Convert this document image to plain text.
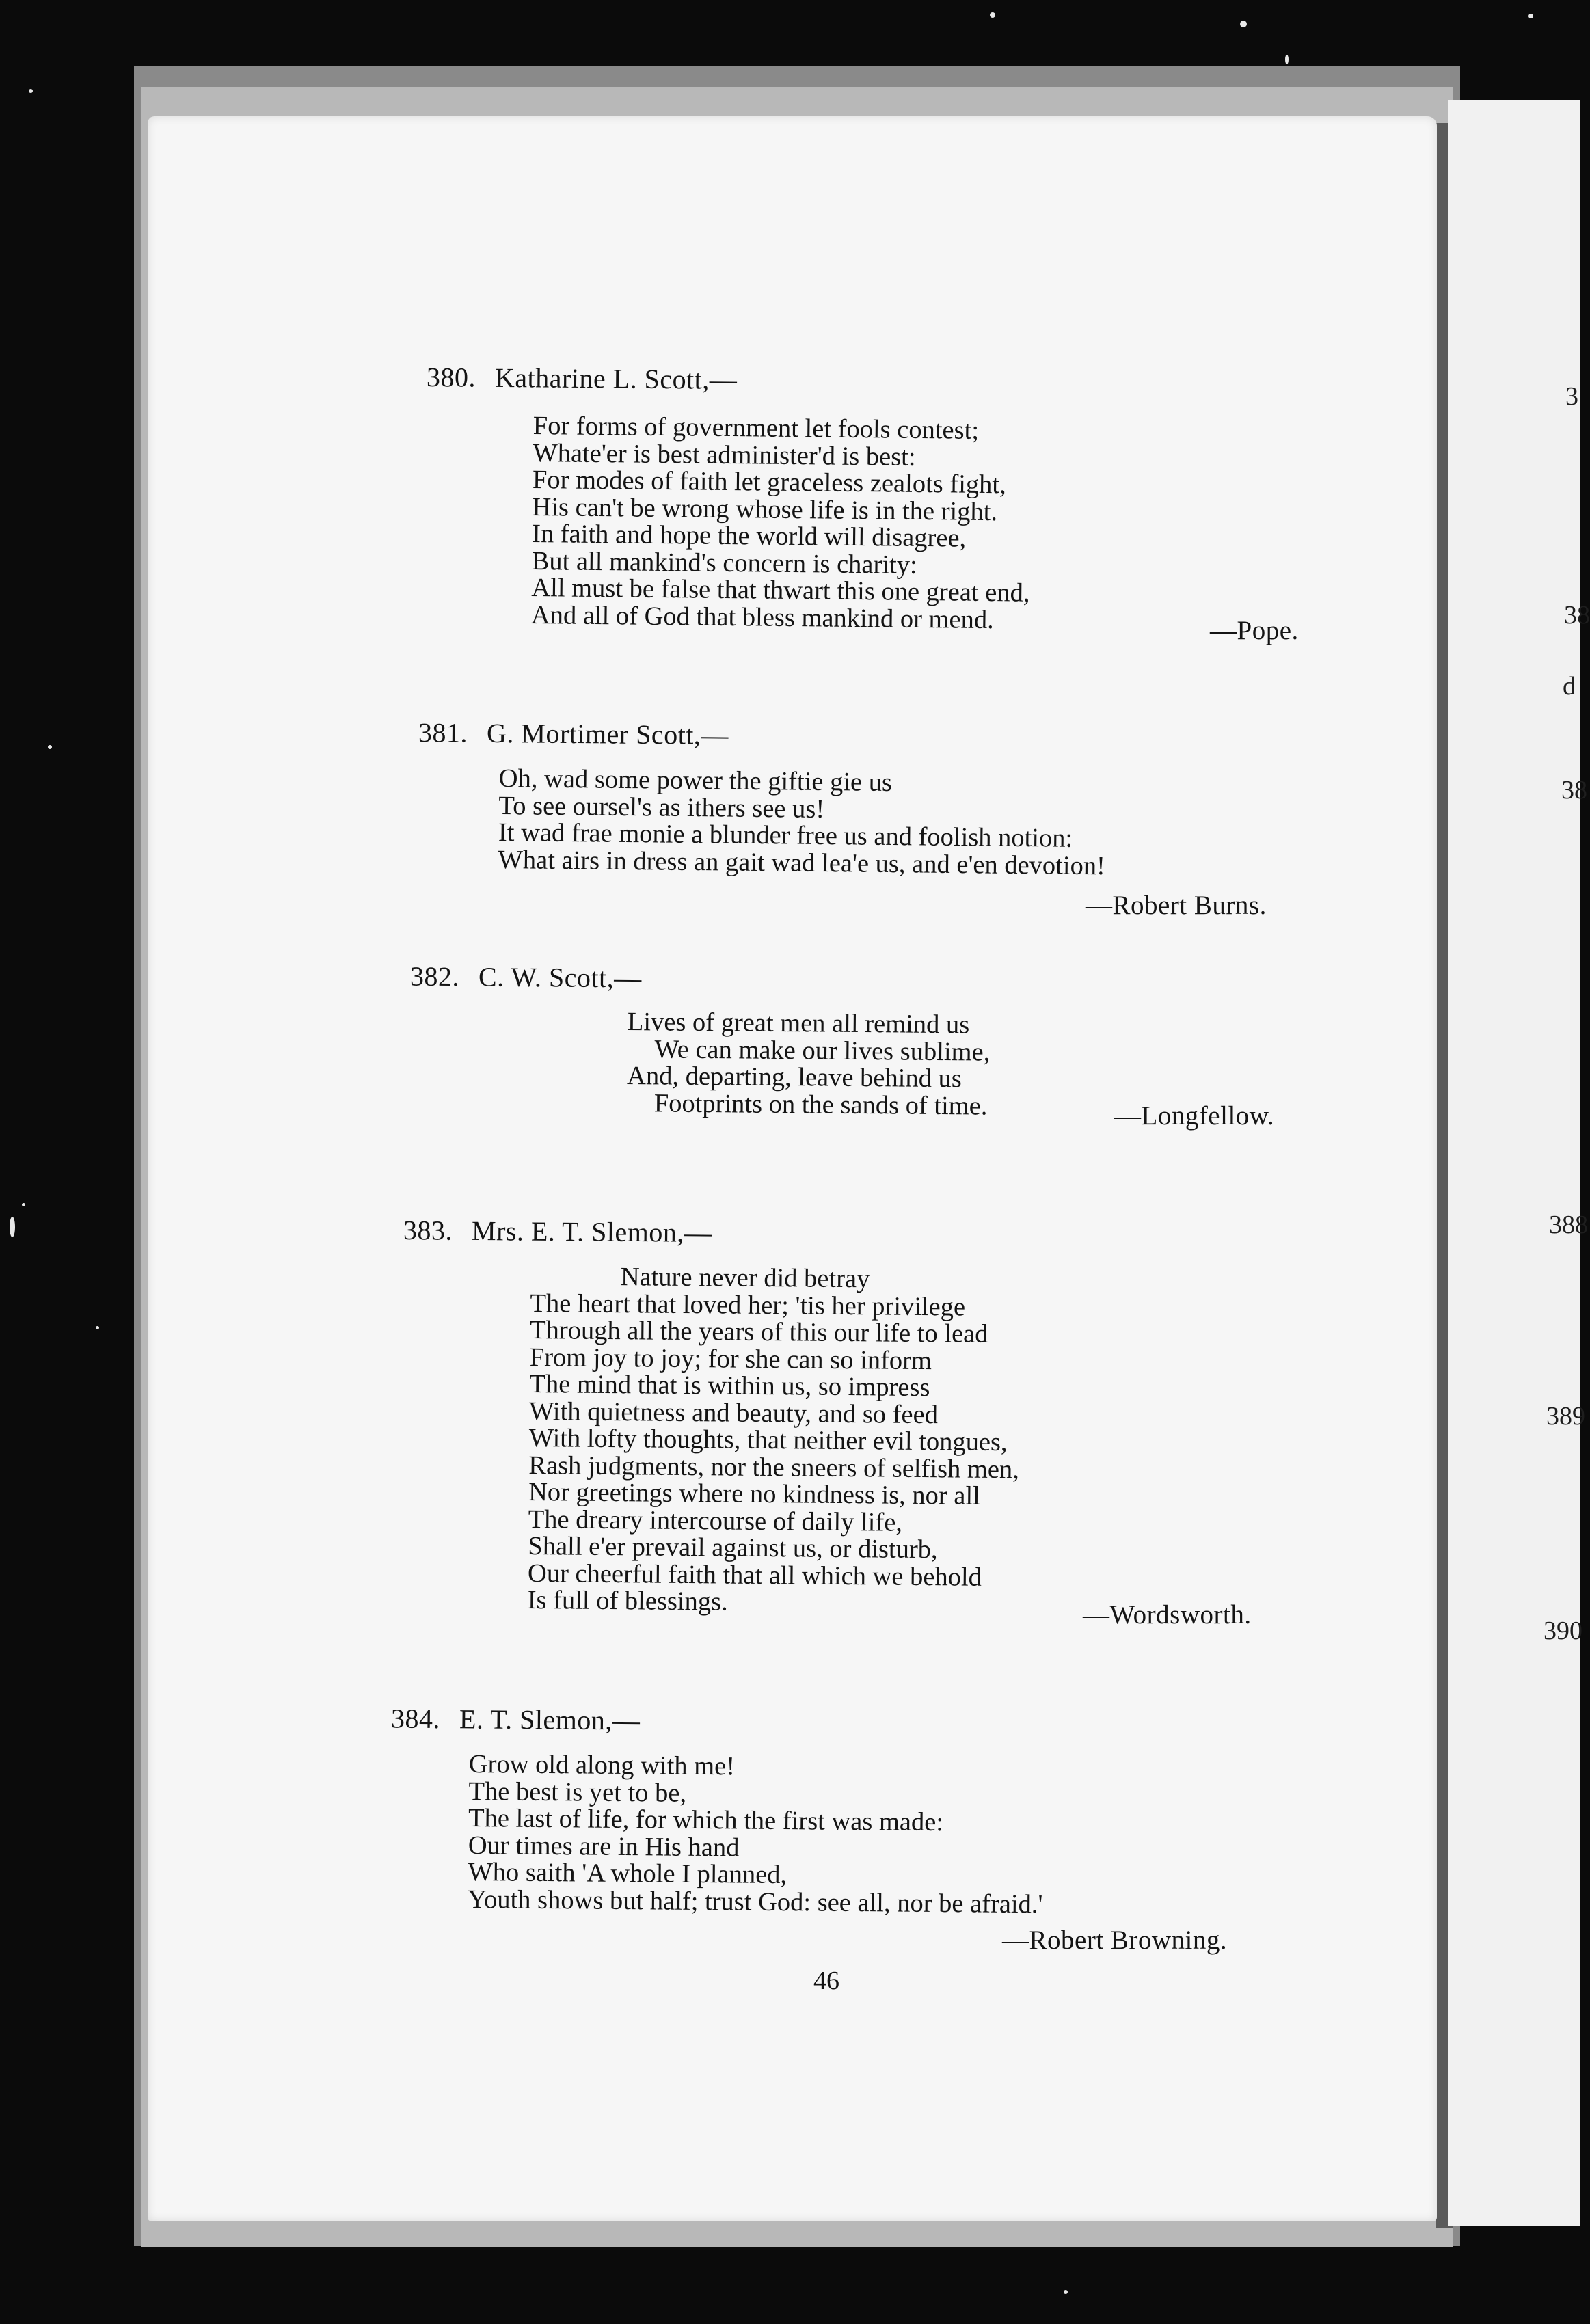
3
38
d
38
388
389
390
380. Katharine L. Scott,—
For forms of government let fools contest;
Whate'er is best administer'd is best:
For modes of faith let graceless zealots fight,
His can't be wrong whose life is in the right.
In faith and hope the world will disagree,
But all mankind's concern is charity:
All must be false that thwart this one great end,
And all of God that bless mankind or mend.	—Pope.
381. G. Mortimer Scott,—
Oh, wad some power the giftie gie us
To see oursel's as ithers see us!
It wad frae monie a blunder free us and foolish notion:
What airs in dress an gait wad lea'e us, and e'en devotion!
—Robert Burns.
382. C. W. Scott,—
Lives of great men all remind us
We can make our lives sublime,
And, departing, leave behind us
Footprints on the sands of time.	—Longfellow.
383. Mrs. E. T. Slemon,—
Nature never did betray
The heart that loved her; 'tis her privilege
Through all the years of this our life to lead
From joy to joy; for she can so inform
The mind that is within us, so impress
With quietness and beauty, and so feed
With lofty thoughts, that neither evil tongues,
Rash judgments, nor the sneers of selfish men,
Nor greetings where no kindness is, nor all
The dreary intercourse of daily life,
Shall e'er prevail against us, or disturb,
Our cheerful faith that all which we behold
Is full of blessings.	—Wordsworth.
384. E. T. Slemon,—
Grow old along with me!
The best is yet to be,
The last of life, for which the first was made:
Our times are in His hand
Who saith 'A whole I planned,
Youth shows but half; trust God: see all, nor be afraid.'
—Robert Browning.
46
